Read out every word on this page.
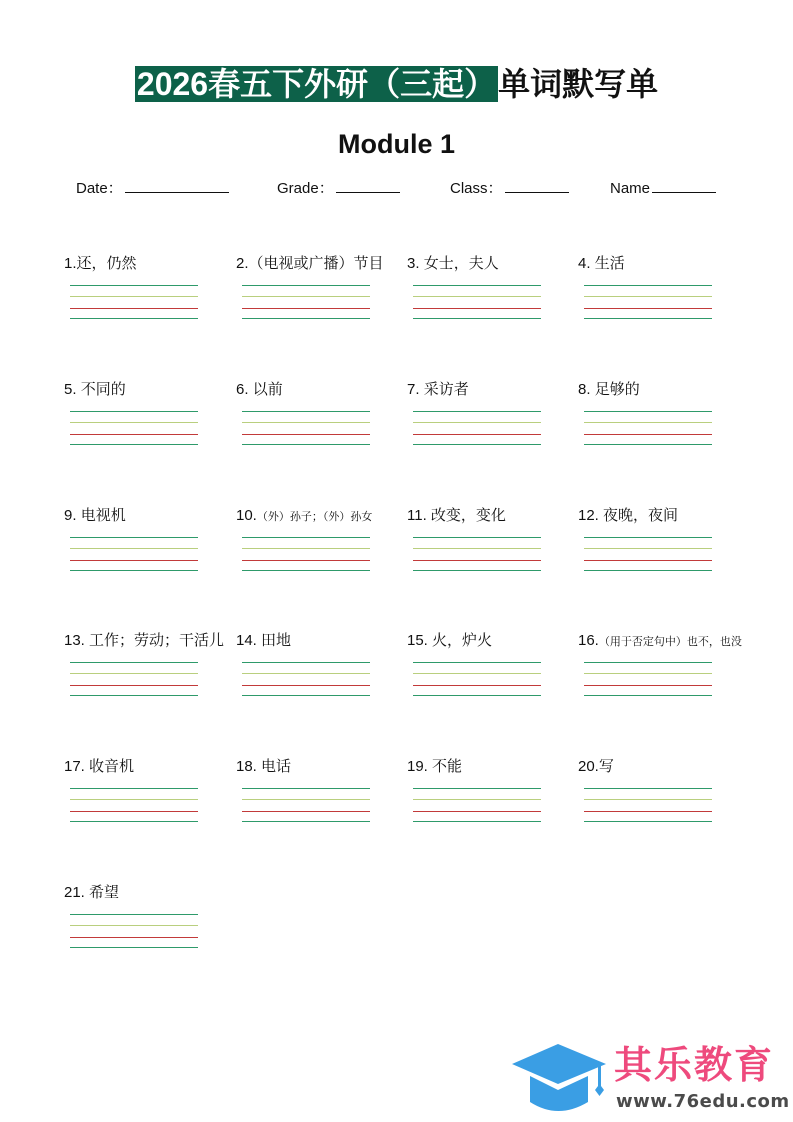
2026春五下外研（三起）单词默写单
Module 1
Date：	Grade：	Class：	Name
1.还，仍然	2.（电视或广播）节目	3. 女士，夫人	4. 生活
5. 不同的	6. 以前	7. 采访者	8. 足够的
9. 电视机	10.（外）孙子；（外）孙女	11. 改变，变化	12. 夜晚，夜间
13. 工作；劳动；干活儿 14. 田地	15. 火，炉火	16.（用于否定句中）也不，也没
17. 收音机	18. 电话	19. 不能	20.写
21. 希望
其乐教育
www.76edu.com
